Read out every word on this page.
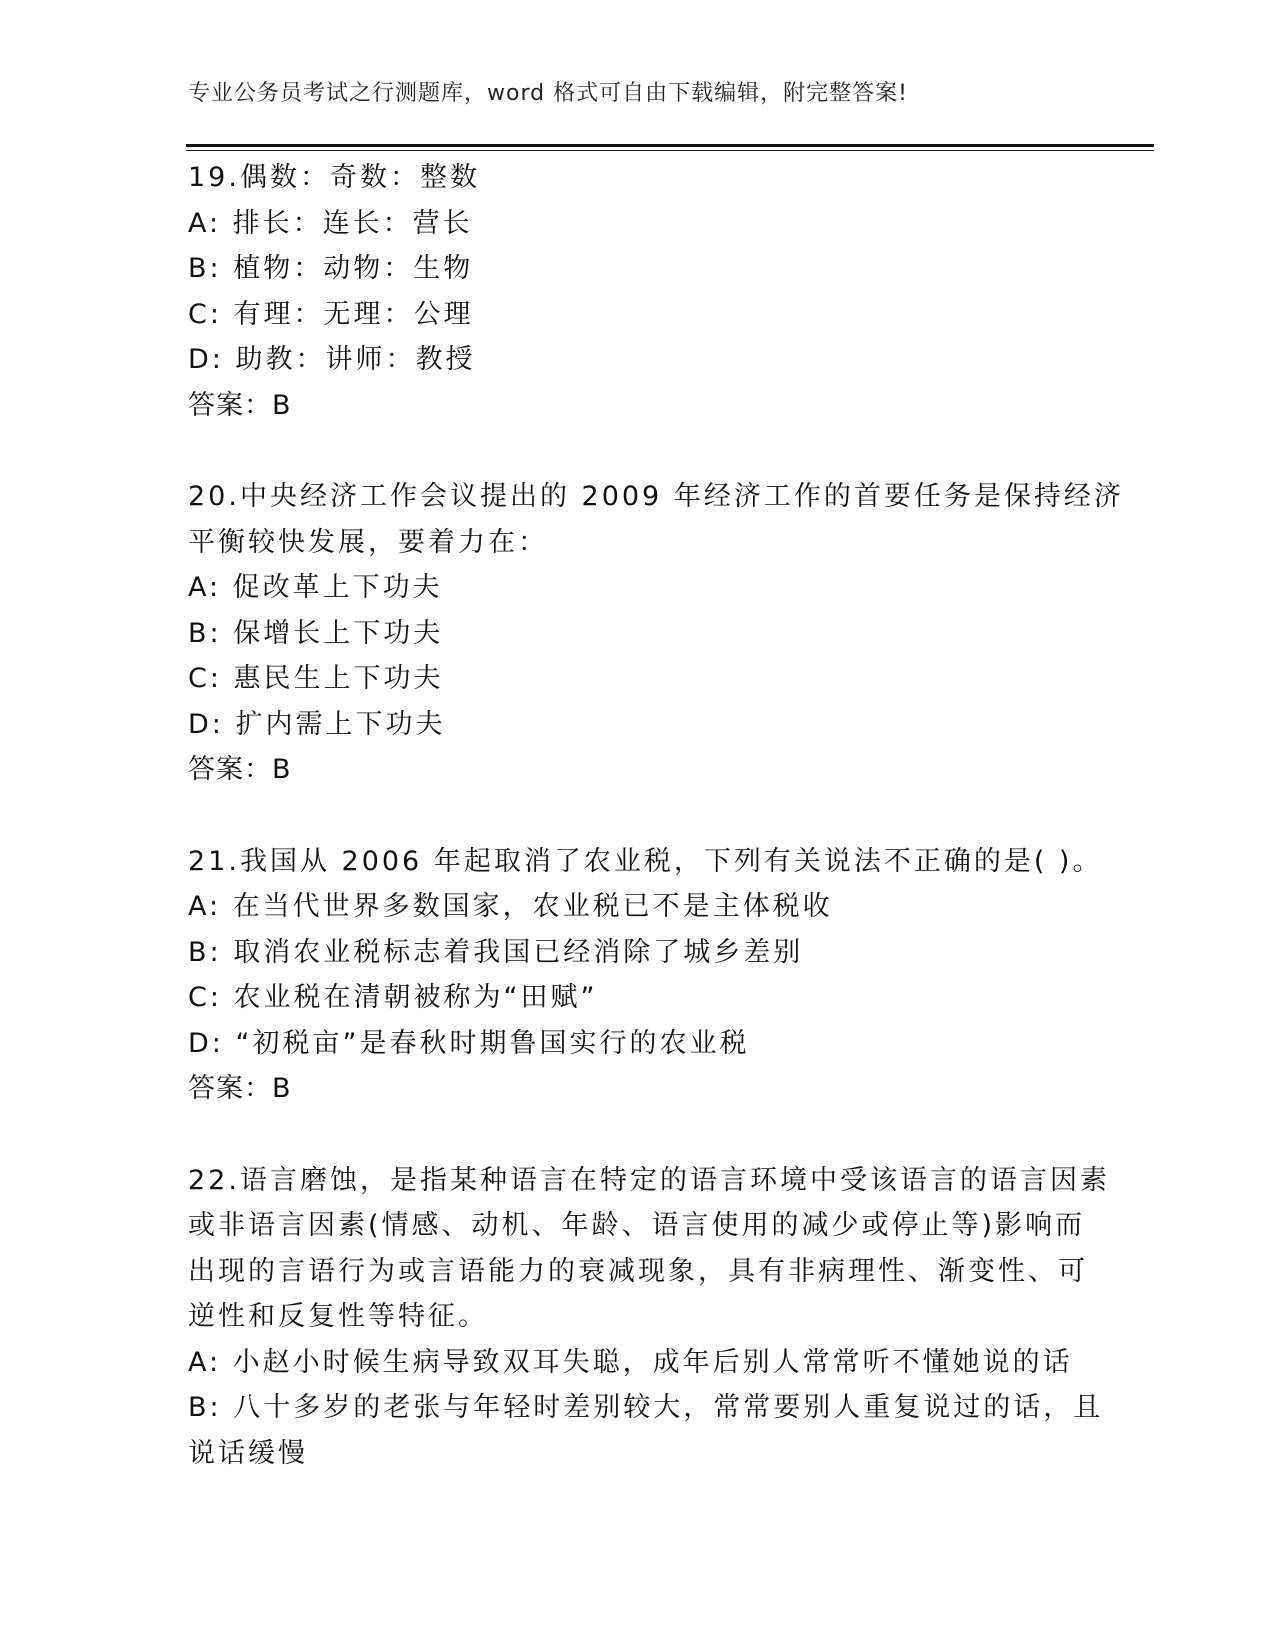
专业公务员考试之行测题库，word 格式可自由下载编辑，附完整答案!
19.偶数：奇数：整数
A: 排长：连长：营长
B: 植物：动物：生物
C: 有理：无理：公理
D: 助教：讲师：教授
答案：B
20.中央经济工作会议提出的 2009 年经济工作的首要任务是保持经济
平衡较快发展，要着力在：
A: 促改革上下功夫
B: 保增长上下功夫
C: 惠民生上下功夫
D: 扩内需上下功夫
答案：B
21.我国从 2006 年起取消了农业税，下列有关说法不正确的是( )。
A: 在当代世界多数国家，农业税已不是主体税收
B: 取消农业税标志着我国已经消除了城乡差别
C: 农业税在清朝被称为“田赋”
D: “初税亩”是春秋时期鲁国实行的农业税
答案：B
22.语言磨蚀，是指某种语言在特定的语言环境中受该语言的语言因素
或非语言因素(情感、动机、年龄、语言使用的减少或停止等)影响而
出现的言语行为或言语能力的衰减现象，具有非病理性、渐变性、可
逆性和反复性等特征。
A: 小赵小时候生病导致双耳失聪，成年后别人常常听不懂她说的话
B: 八十多岁的老张与年轻时差别较大，常常要别人重复说过的话，且
说话缓慢
